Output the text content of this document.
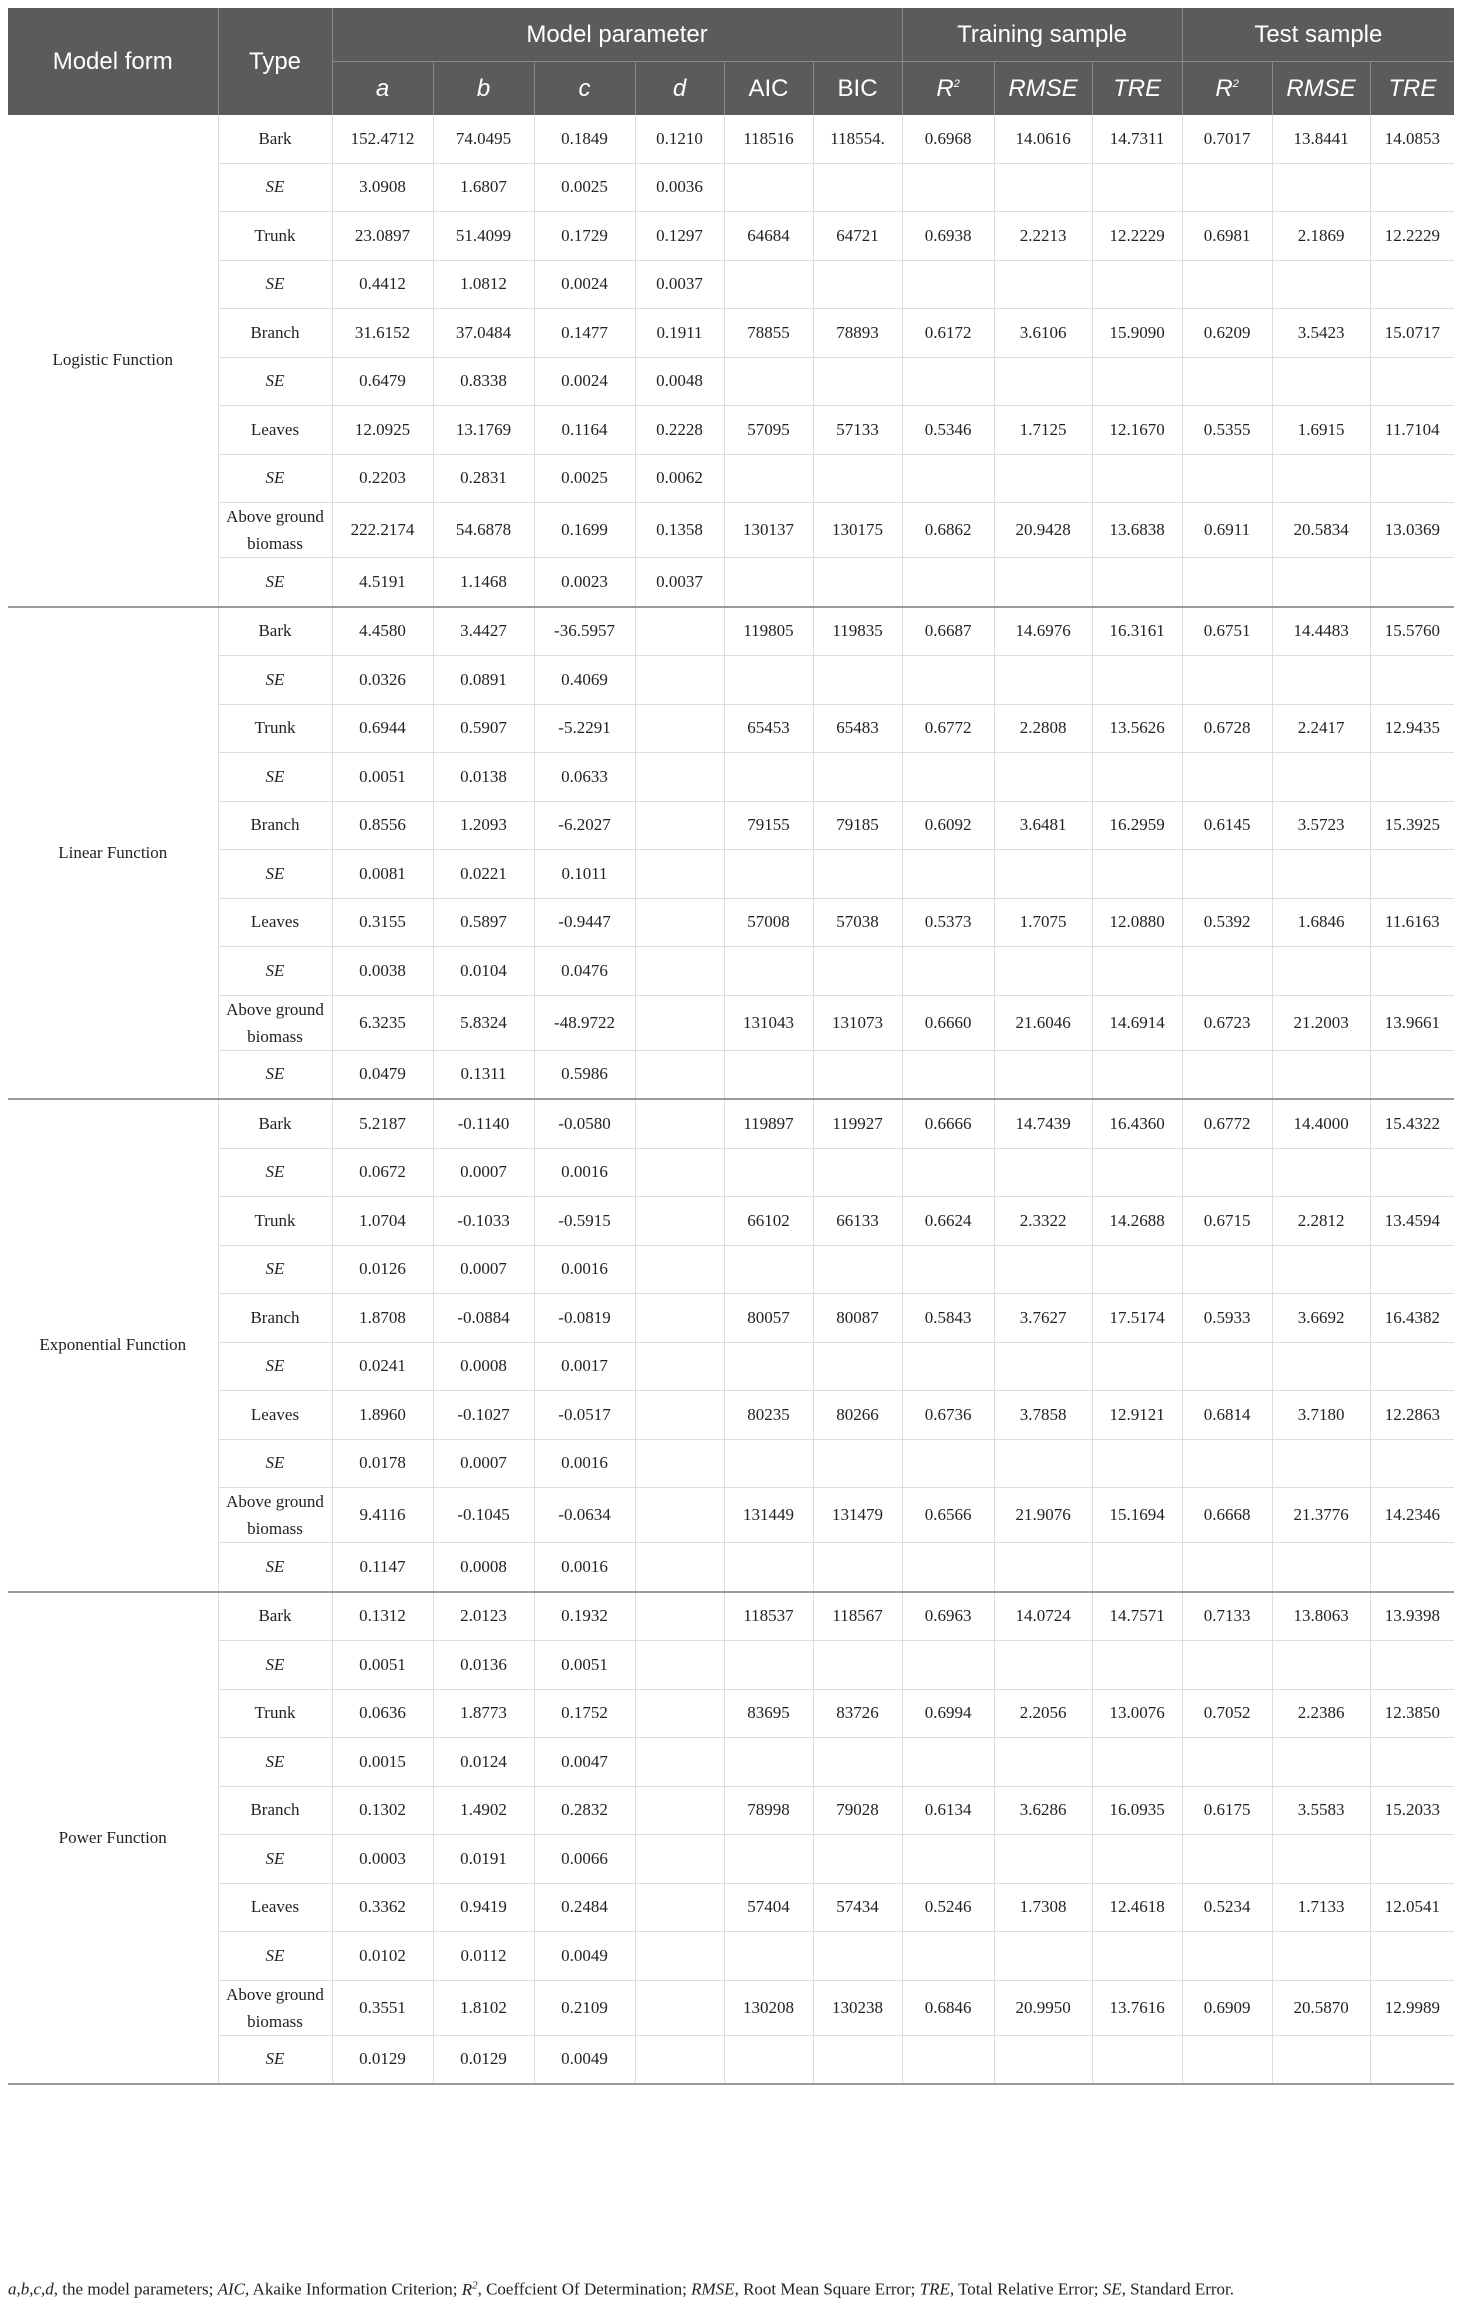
Model form	Type	Model parameter						Training sample			Test sample		
		a	b	c	d	AIC	BIC	$R^2$	RMSE	TRE	$R^2$	RMSE	TRE
Logistic Function	Bark	152.4712	74.0495	0.1849	0.1210	118516	118554.	0.6968	14.0616	14.7311	0.7017	13.8441	14.0853
	SE	3.0908	1.6807	0.0025	0.0036								
	Trunk	23.0897	51.4099	0.1729	0.1297	64684	64721	0.6938	2.2213	12.2229	0.6981	2.1869	12.2229
	SE	0.4412	1.0812	0.0024	0.0037								
	Branch	31.6152	37.0484	0.1477	0.1911	78855	78893	0.6172	3.6106	15.9090	0.6209	3.5423	15.0717
	SE	0.6479	0.8338	0.0024	0.0048								
	Leaves	12.0925	13.1769	0.1164	0.2228	57095	57133	0.5346	1.7125	12.1670	0.5355	1.6915	11.7104
	SE	0.2203	0.2831	0.0025	0.0062								
	Above ground biomass	222.2174	54.6878	0.1699	0.1358	130137	130175	0.6862	20.9428	13.6838	0.6911	20.5834	13.0369
	SE	4.5191	1.1468	0.0023	0.0037								
Linear Function	Bark	4.4580	3.4427	-36.5957		119805	119835	0.6687	14.6976	16.3161	0.6751	14.4483	15.5760
	SE	0.0326	0.0891	0.4069									
	Trunk	0.6944	0.5907	-5.2291		65453	65483	0.6772	2.2808	13.5626	0.6728	2.2417	12.9435
	SE	0.0051	0.0138	0.0633									
	Branch	0.8556	1.2093	-6.2027		79155	79185	0.6092	3.6481	16.2959	0.6145	3.5723	15.3925
	SE	0.0081	0.0221	0.1011									
	Leaves	0.3155	0.5897	-0.9447		57008	57038	0.5373	1.7075	12.0880	0.5392	1.6846	11.6163
	SE	0.0038	0.0104	0.0476									
	Above ground biomass	6.3235	5.8324	-48.9722		131043	131073	0.6660	21.6046	14.6914	0.6723	21.2003	13.9661
	SE	0.0479	0.1311	0.5986									
Exponential Function	Bark	5.2187	-0.1140	-0.0580		119897	119927	0.6666	14.7439	16.4360	0.6772	14.4000	15.4322
	SE	0.0672	0.0007	0.0016									
	Trunk	1.0704	-0.1033	-0.5915		66102	66133	0.6624	2.3322	14.2688	0.6715	2.2812	13.4594
	SE	0.0126	0.0007	0.0016									
	Branch	1.8708	-0.0884	-0.0819		80057	80087	0.5843	3.7627	17.5174	0.5933	3.6692	16.4382
	SE	0.0241	0.0008	0.0017									
	Leaves	1.8960	-0.1027	-0.0517		80235	80266	0.6736	3.7858	12.9121	0.6814	3.7180	12.2863
	SE	0.0178	0.0007	0.0016									
	Above ground biomass	9.4116	-0.1045	-0.0634		131449	131479	0.6566	21.9076	15.1694	0.6668	21.3776	14.2346
	SE	0.1147	0.0008	0.0016									
Power Function	Bark	0.1312	2.0123	0.1932		118537	118567	0.6963	14.0724	14.7571	0.7133	13.8063	13.9398
	SE	0.0051	0.0136	0.0051									
	Trunk	0.0636	1.8773	0.1752		83695	83726	0.6994	2.2056	13.0076	0.7052	2.2386	12.3850
	SE	0.0015	0.0124	0.0047									
	Branch	0.1302	1.4902	0.2832		78998	79028	0.6134	3.6286	16.0935	0.6175	3.5583	15.2033
	SE	0.0003	0.0191	0.0066									
	Leaves	0.3362	0.9419	0.2484		57404	57434	0.5246	1.7308	12.4618	0.5234	1.7133	12.0541
	SE	0.0102	0.0112	0.0049									
	Above ground biomass	0.3551	1.8102	0.2109		130208	130238	0.6846	20.9950	13.7616	0.6909	20.5870	12.9989
	SE	0.0129	0.0129	0.0049									
a,b,c,d, the model parameters; AIC, Akaike Information Criterion; $R^2$, Coeffcient Of Determination; RMSE, Root Mean Square Error; TRE, Total Relative Error; SE, Standard Error.
